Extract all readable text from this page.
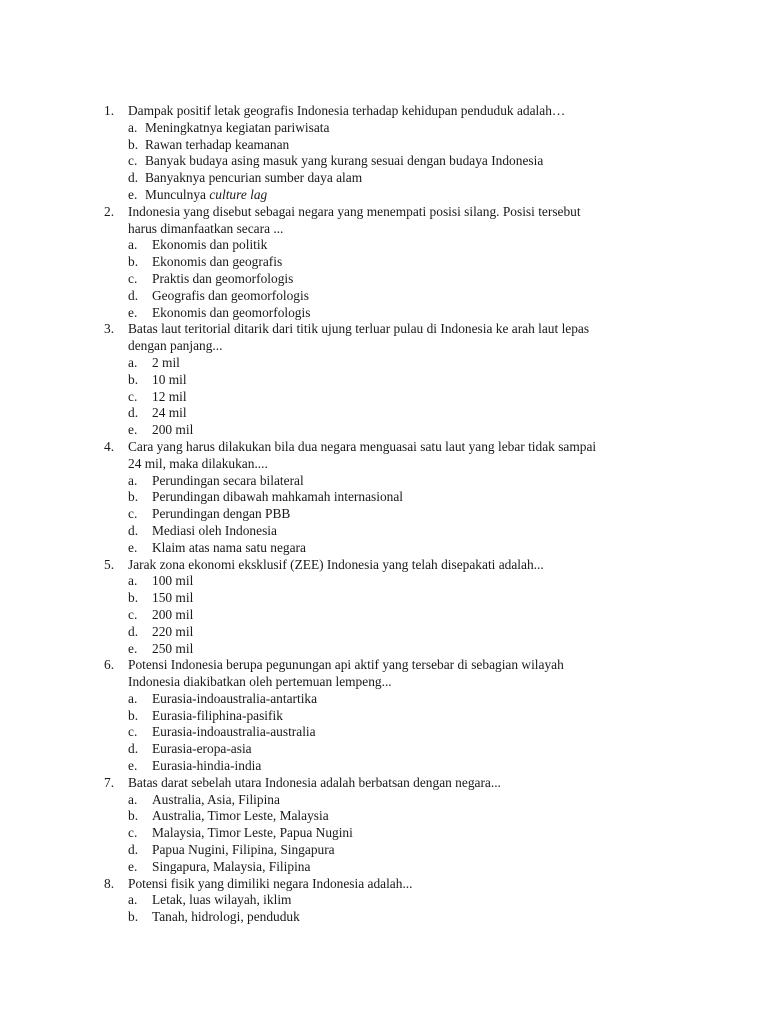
1.	Dampak positif letak geografis Indonesia terhadap kehidupan penduduk adalah…
a. Meningkatnya kegiatan pariwisata
b. Rawan terhadap keamanan
c. Banyak budaya asing masuk yang kurang sesuai dengan budaya Indonesia
d. Banyaknya pencurian sumber daya alam
e. Munculnya culture lag
2.	Indonesia yang disebut sebagai negara yang menempati posisi silang. Posisi tersebut
harus dimanfaatkan secara ...
a. Ekonomis dan politik
b. Ekonomis dan geografis
c. Praktis dan geomorfologis
d. Geografis dan geomorfologis
e. Ekonomis dan geomorfologis
3.	Batas laut teritorial ditarik dari titik ujung terluar pulau di Indonesia ke arah laut lepas
dengan panjang...
a. 2 mil
b. 10 mil
c. 12 mil
d. 24 mil
e. 200 mil
4.	Cara yang harus dilakukan bila dua negara menguasai satu laut yang lebar tidak sampai
24 mil, maka dilakukan....
a. Perundingan secara bilateral
b. Perundingan dibawah mahkamah internasional
c. Perundingan dengan PBB
d. Mediasi oleh Indonesia
e. Klaim atas nama satu negara
5.	Jarak zona ekonomi eksklusif (ZEE) Indonesia yang telah disepakati adalah...
a. 100 mil
b. 150 mil
c. 200 mil
d. 220 mil
e. 250 mil
6.	Potensi Indonesia berupa pegunungan api aktif yang tersebar di sebagian wilayah
Indonesia diakibatkan oleh pertemuan lempeng...
a. Eurasia-indoaustralia-antartika
b. Eurasia-filiphina-pasifik
c. Eurasia-indoaustralia-australia
d. Eurasia-eropa-asia
e. Eurasia-hindia-india
7.	Batas darat sebelah utara Indonesia adalah berbatsan dengan negara...
a. Australia, Asia, Filipina
b. Australia, Timor Leste, Malaysia
c. Malaysia, Timor Leste, Papua Nugini
d. Papua Nugini, Filipina, Singapura
e. Singapura, Malaysia, Filipina
8.	Potensi fisik yang dimiliki negara Indonesia adalah...
a. Letak, luas wilayah, iklim
b. Tanah, hidrologi, penduduk
